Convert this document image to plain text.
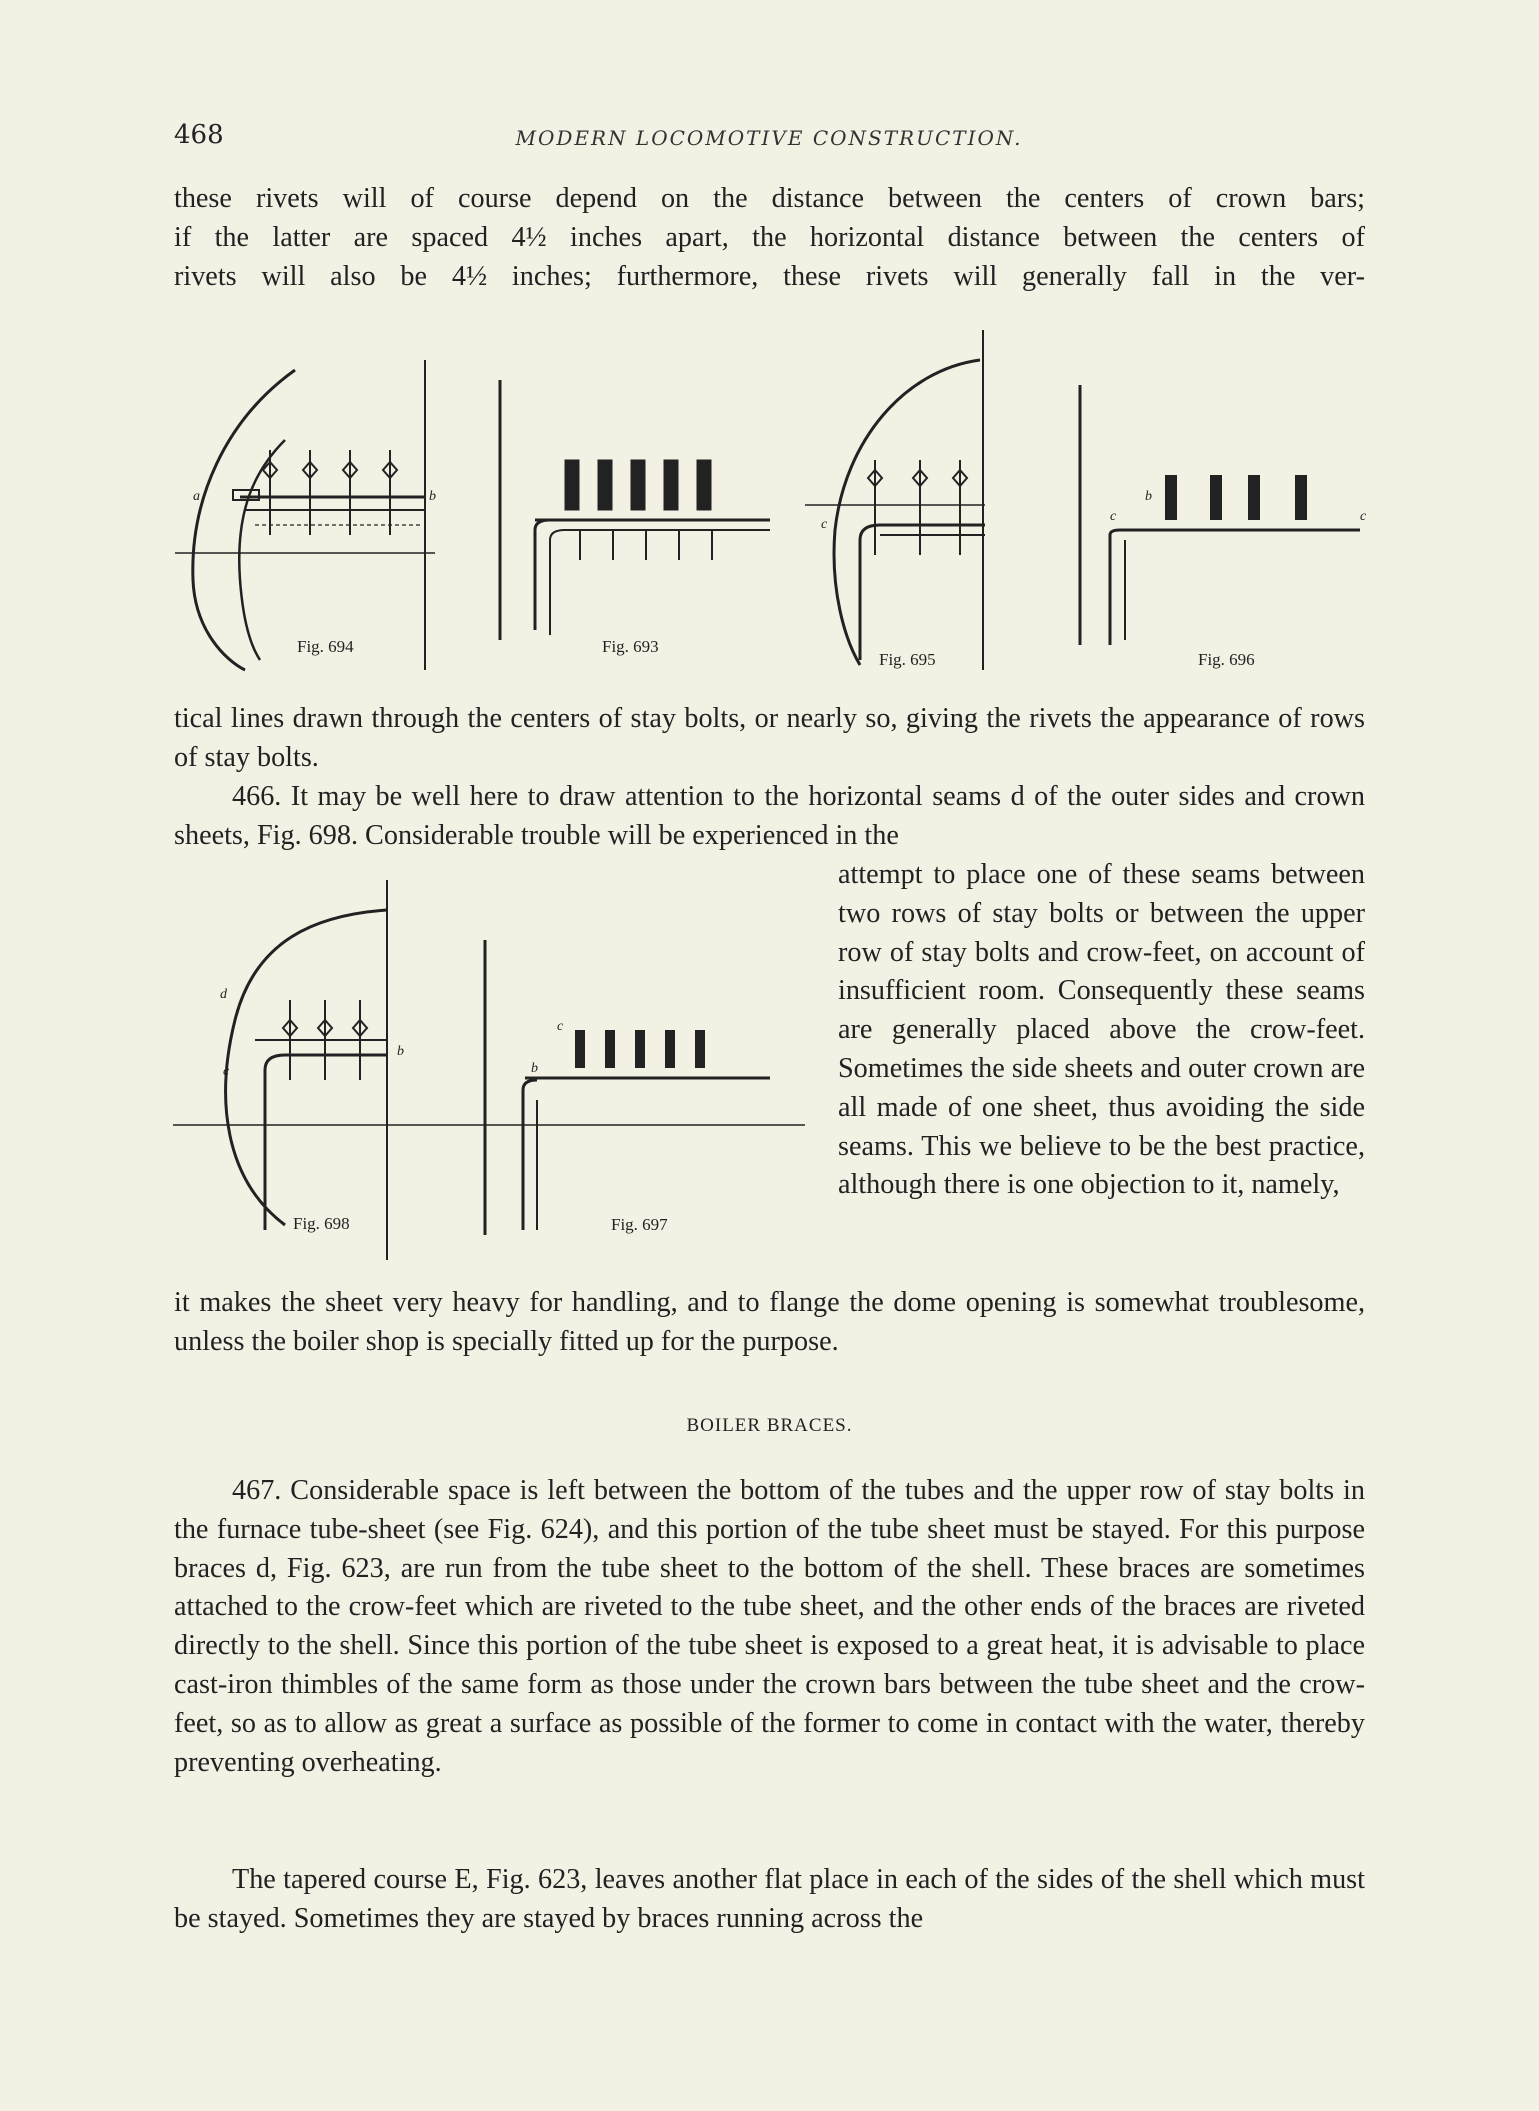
468	MODERN LOCOMOTIVE CONSTRUCTION.

these rivets will of course depend on the distance between the centers of crown bars;

if the latter are spaced 4½ inches apart, the horizontal distance between the centers of

rivets will also be 4½ inches; furthermore, these rivets will generally fall in the ver-

a	b
Fig. 694	Fig. 693
c
Fig. 695
c	c
b
Fig. 696

tical lines drawn through the centers of stay bolts, or nearly so, giving the rivets the appearance of rows of stay bolts.

466. It may be well here to draw attention to the horizontal seams d of the outer sides and crown sheets, Fig. 698. Considerable trouble will be experienced in the

d
c
b
Fig. 698
b
c
Fig. 697

attempt to place one of these seams between two rows of stay bolts or between the upper row of stay bolts and crow-feet, on account of insufficient room. Consequently these seams are generally placed above the crow-feet. Sometimes the side sheets and outer crown are all made of one sheet, thus avoiding the side seams. This we believe to be the best practice, although there is one objection to it, namely,

it makes the sheet very heavy for handling, and to flange the dome opening is somewhat troublesome, unless the boiler shop is specially fitted up for the purpose.

BOILER BRACES.

467. Considerable space is left between the bottom of the tubes and the upper row of stay bolts in the furnace tube-sheet (see Fig. 624), and this portion of the tube sheet must be stayed. For this purpose braces d, Fig. 623, are run from the tube sheet to the bottom of the shell. These braces are sometimes attached to the crow-feet which are riveted to the tube sheet, and the other ends of the braces are riveted directly to the shell. Since this portion of the tube sheet is exposed to a great heat, it is advisable to place cast-iron thimbles of the same form as those under the crown bars between the tube sheet and the crow-feet, so as to allow as great a surface as possible of the former to come in contact with the water, thereby preventing overheating.

The tapered course E, Fig. 623, leaves another flat place in each of the sides of the shell which must be stayed. Sometimes they are stayed by braces running across the
